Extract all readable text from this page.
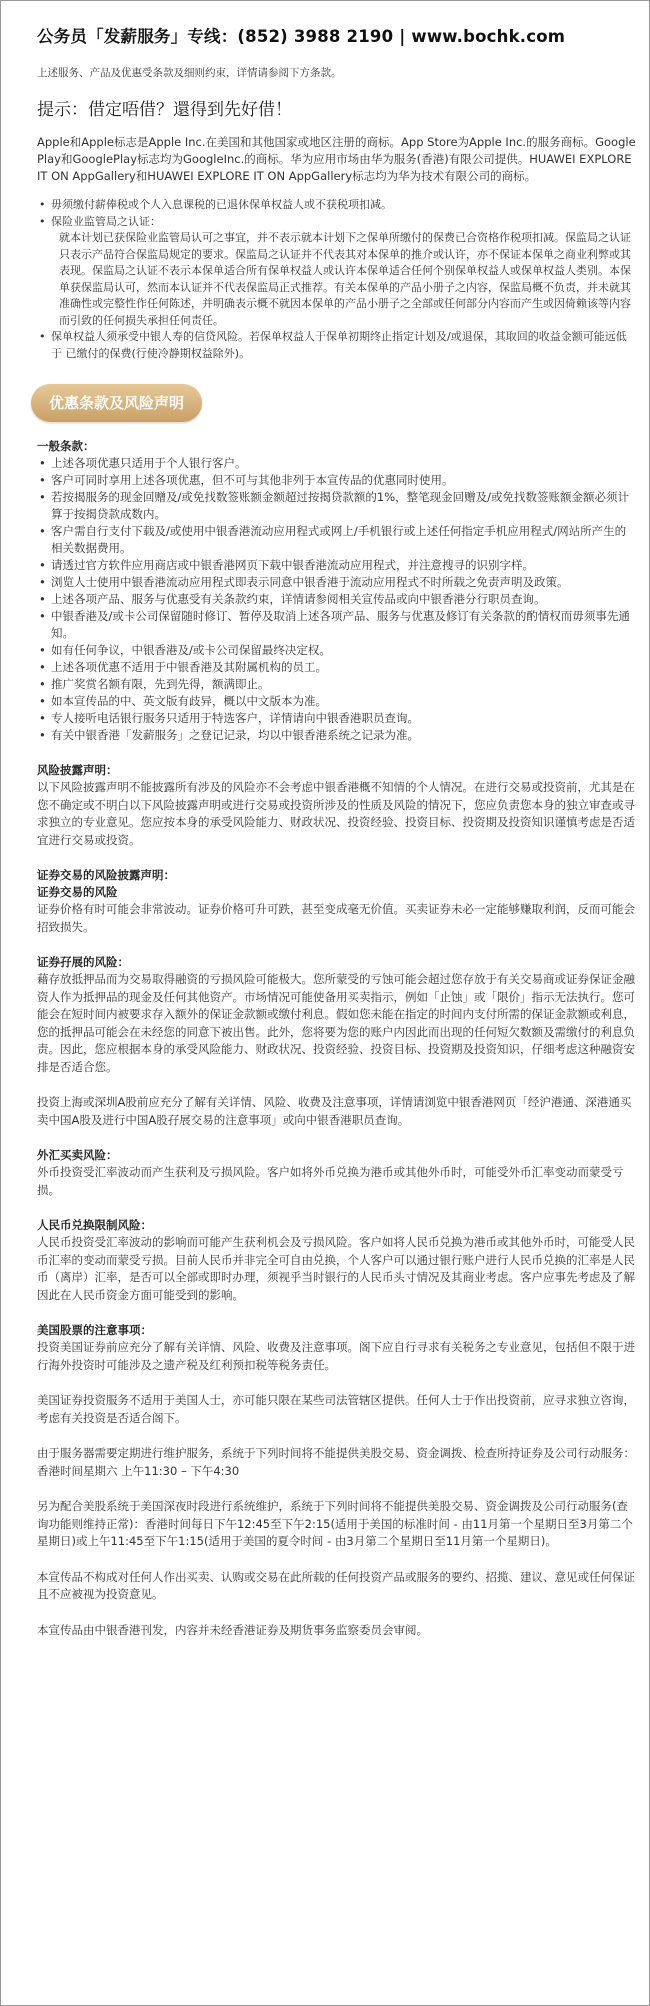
公务员「发薪服务」专线：(852) 3988 2190 | www.bochk.com
上述服务、产品及优惠受条款及细则约束，详情请参阅下方条款。
提示：借定唔借？還得到先好借！

Apple和Apple标志是Apple Inc.在美国和其他国家或地区注册的商标。App Store为Apple Inc.的服务商标。Google　Play和GooglePlay标志均为GoogleInc.的商标。华为应用市场由华为服务(香港)有限公司提供。HUAWEI EXPLORE IT ON AppGallery和HUAWEI EXPLORE IT ON AppGallery标志均为华为技术有限公司的商标。

• 毋须缴付薪俸税或个人入息课税的已退休保单权益人或不获税项扣减。
• 保险业监管局之认证：
就本计划已获保险业监管局认可之事宜，并不表示就本计划下之保单所缴付的保费已合资格作税项扣减。保监局之认证只表示产品符合保监局规定的要求。保监局之认证并不代表其对本保单的推介或认许，亦不保证本保单之商业利弊或其表现。保监局之认证不表示本保单适合所有保单权益人或认许本保单适合任何个别保单权益人或保单权益人类别。本保单获保监局认可，然而本认证并不代表保监局正式推荐。有关本保单的产品小册子之内容，保监局概不负责，并未就其准确性或完整性作任何陈述，并明确表示概不就因本保单的产品小册子之全部或任何部分内容而产生或因倚赖该等内容而引致的任何损失承担任何责任。
• 保单权益人须承受中银人寿的信贷风险。若保单权益人于保单初期终止指定计划及/或退保，其取回的收益金额可能远低于 已缴付的保费(行使冷静期权益除外)。
优惠条款及风险声明
一般条款：
• 上述各项优惠只适用于个人银行客户。
• 客户可同时享用上述各项优惠，但不可与其他非列于本宣传品的优惠同时使用。
• 若按揭服务的现金回赠及/或免找数签账额金额超过按揭贷款额的1%，整笔现金回赠及/或免找数签账额金额必须计算于按揭贷款成数内。
• 客户需自行支付下载及/或使用中银香港流动应用程式或网上/手机银行或上述任何指定手机应用程式/网站所产生的相关数据费用。
• 请透过官方软件应用商店或中银香港网页下载中银香港流动应用程式，并注意搜寻的识别字样。
• 浏览人士使用中银香港流动应用程式即表示同意中银香港于流动应用程式不时所载之免责声明及政策。
• 上述各项产品、服务与优惠受有关条款约束，详情请参阅相关宣传品或向中银香港分行职员查询。
• 中银香港及/或卡公司保留随时修订、暂停及取消上述各项产品、服务与优惠及修订有关条款的酌情权而毋须事先通知。
• 如有任何争议，中银香港及/或卡公司保留最终决定权。
• 上述各项优惠不适用于中银香港及其附属机构的员工。
• 推广奖赏名额有限，先到先得，额满即止。
• 如本宣传品的中、英文版有歧异，概以中文版本为准。
• 专人接听电话银行服务只适用于特选客户，详情请向中银香港职员查询。
• 有关中银香港「发薪服务」之登记记录，均以中银香港系统之记录为准。
风险披露声明：

以下风险披露声明不能披露所有涉及的风险亦不会考虑中银香港概不知情的个人情况。在进行交易或投资前，尤其是在您不确定或不明白以下风险披露声明或进行交易或投资所涉及的性质及风险的情况下，您应负责您本身的独立审查或寻求独立的专业意见。您应按本身的承受风险能力、财政状况、投资经验、投资目标、投资期及投资知识谨慎考虑是否适宜进行交易或投资。

证券交易的风险披露声明：
证券交易的风险

证券价格有时可能会非常波动。证券价格可升可跌，甚至变成毫无价值。买卖证券未必一定能够赚取利润，反而可能会招致损失。

证券孖展的风险：

藉存放抵押品而为交易取得融资的亏损风险可能极大。您所蒙受的亏蚀可能会超过您存放于有关交易商或证券保证金融资人作为抵押品的现金及任何其他资产。市场情况可能使备用买卖指示，例如「止蚀」或「限价」指示无法执行。您可能会在短时间内被要求存入额外的保证金款额或缴付利息。假如您未能在指定的时间内支付所需的保证金款额或利息，您的抵押品可能会在未经您的同意下被出售。此外，您将要为您的账户内因此而出现的任何短欠数额及需缴付的利息负责。因此，您应根据本身的承受风险能力、财政状况、投资经验、投资目标、投资期及投资知识，仔细考虑这种融资安排是否适合您。

投资上海或深圳A股前应充分了解有关详情、风险、收费及注意事项，详情请浏览中银香港网页「经沪港通、深港通买卖中国A股及进行中国A股孖展交易的注意事项」或向中银香港职员查询。

外汇买卖风险：

外币投资受汇率波动而产生获利及亏损风险。客户如将外币兑换为港币或其他外币时，可能受外币汇率变动而蒙受亏损。

人民币兑换限制风险：

人民币投资受汇率波动的影响而可能产生获利机会及亏损风险。客户如将人民币兑换为港币或其他外币时，可能受人民币汇率的变动而蒙受亏损。目前人民币并非完全可自由兑换，个人客户可以通过银行账户进行人民币兑换的汇率是人民币（离岸）汇率，是否可以全部或即时办理，须视乎当时银行的人民币头寸情况及其商业考虑。客户应事先考虑及了解因此在人民币资金方面可能受到的影响。

美国股票的注意事项：

投资美国证券前应充分了解有关详情、风险、收费及注意事项。阁下应自行寻求有关税务之专业意见，包括但不限于进行海外投资时可能涉及之遗产税及红利预扣税等税务责任。

美国证券投资服务不适用于美国人士，亦可能只限在某些司法管辖区提供。任何人士于作出投资前，应寻求独立咨询，考虑有关投资是否适合阁下。

由于服务器需要定期进行维护服务，系统于下列时间将不能提供美股交易、资金调拨、检查所持证券及公司行动服务：香港时间星期六 上午11:30 – 下午4:30

另为配合美股系统于美国深夜时段进行系统维护，系统于下列时间将不能提供美股交易、资金调拨及公司行动服务(查询功能则维持正常)：香港时间每日下午12:45至下午2:15(适用于美国的标准时间 - 由11月第一个星期日至3月第二个星期日)或上午11:45至下午1:15(适用于美国的夏令时间 - 由3月第二个星期日至11月第一个星期日)。

本宣传品不构成对任何人作出买卖、认购或交易在此所载的任何投资产品或服务的要约、招揽、建议、意见或任何保证且不应被视为投资意见。

本宣传品由中银香港刊发，内容并未经香港证券及期货事务监察委员会审阅。
